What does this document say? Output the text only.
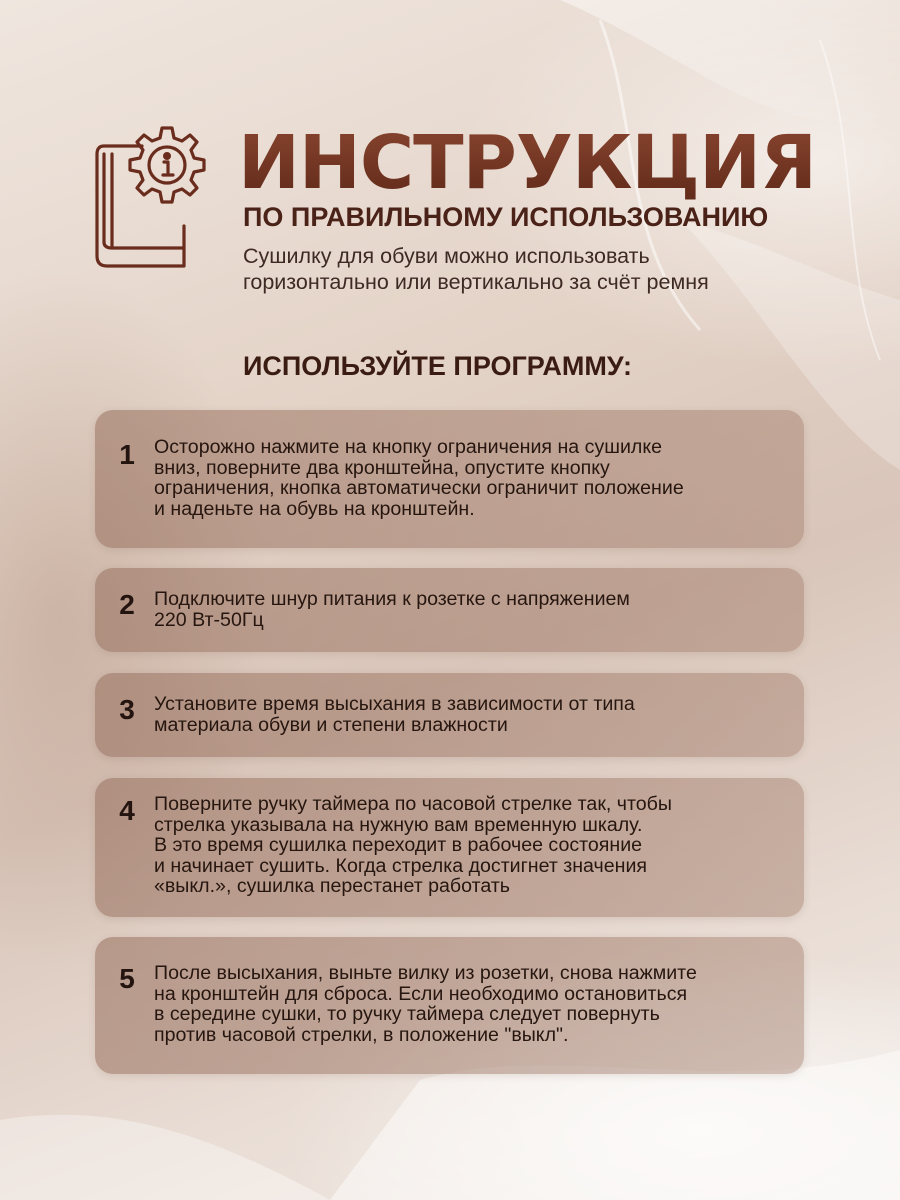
ИНСТРУКЦИЯ
ПО ПРАВИЛЬНОМУ ИСПОЛЬЗОВАНИЮ

Сушилку для обуви можно использовать
горизонтально или вертикально за счёт ремня

ИСПОЛЬЗУЙТЕ ПРОГРАММУ:
1 Осторожно нажмите на кнопку ограничения на сушилке
вниз, поверните два кронштейна, опустите кнопку
ограничения, кнопка автоматически ограничит положение
и наденьте на обувь на кронштейн.

2 Подключите шнур питания к розетке с напряжением
220 Вт-50Гц

3 Установите время высыхания в зависимости от типа
материала обуви и степени влажности

4 Поверните ручку таймера по часовой стрелке так, чтобы
стрелка указывала на нужную вам временную шкалу.
В это время сушилка переходит в рабочее состояние
и начинает сушить. Когда стрелка достигнет значения
«выкл.», сушилка перестанет работать

5 После высыхания, выньте вилку из розетки, снова нажмите
на кронштейн для сброса. Если необходимо остановиться
в середине сушки, то ручку таймера следует повернуть
против часовой стрелки, в положение "выкл".
